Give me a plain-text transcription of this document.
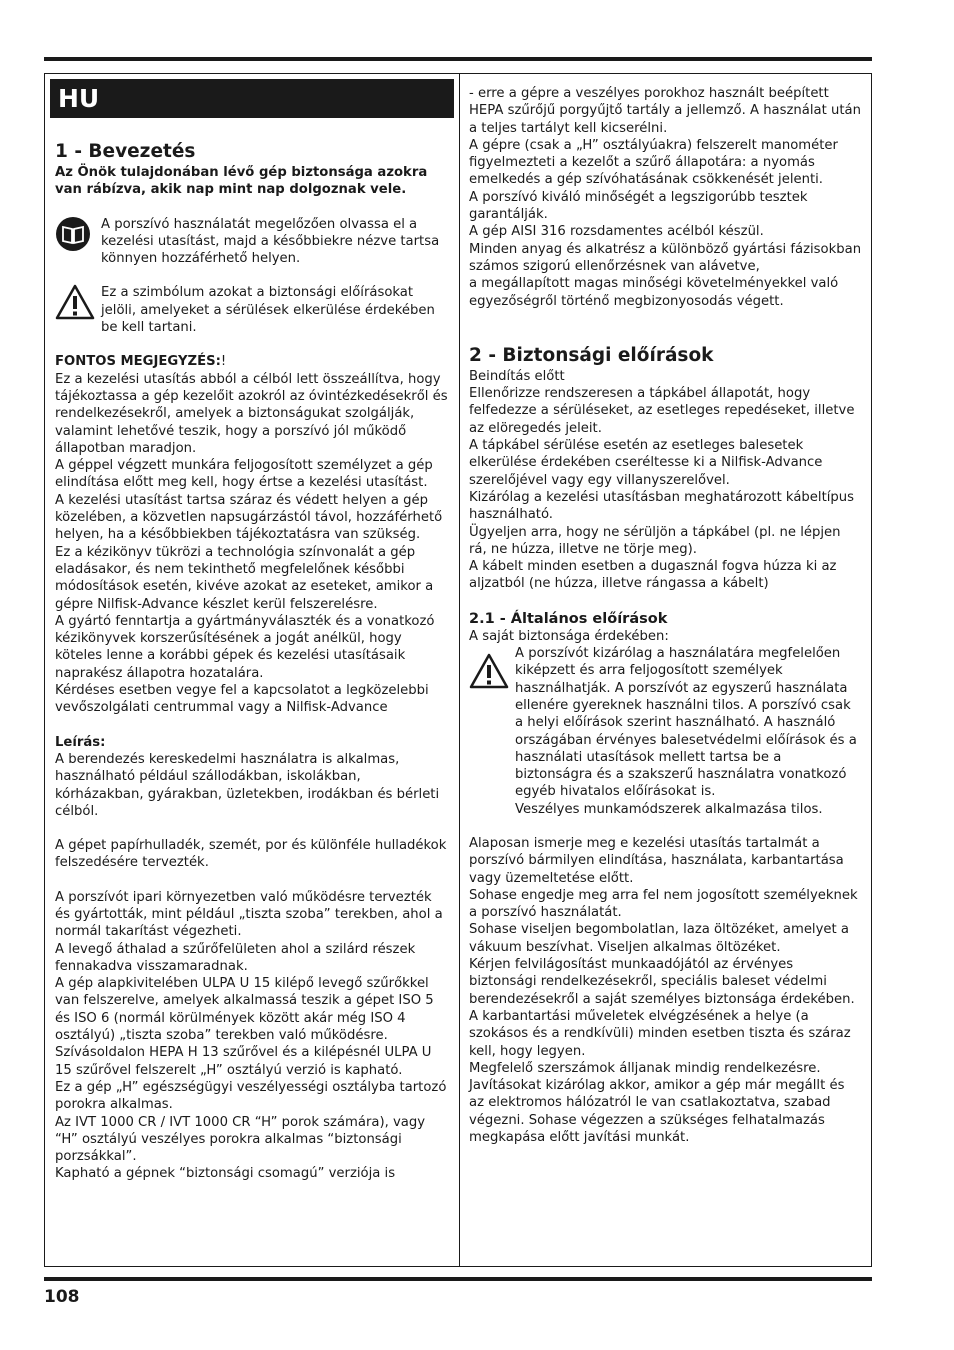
HU
1 - Bevezetés

Az Önök tulajdonában lévő gép biztonsága azokra van rábízva, akik nap mint nap dolgoznak vele.

A porszívó használatát megelőzően olvassa el a kezelési utasítást, majd a későbbiekre nézve tartsa könnyen hozzáférhető helyen.

Ez a szimbólum azokat a biztonsági előírásokat jelöli, amelyeket a sérülések elkerülése érdekében be kell tartani.

FONTOS MEGJEGYZÉS:!

Ez a kezelési utasítás abból a célból lett összeállítva, hogy tájékoztassa a gép kezelőit azokról az óvintézkedésekről és rendelkezésekről, amelyek a biztonságukat szolgálják, valamint lehetővé teszik, hogy a porszívó jól működő állapotban maradjon.

A géppel végzett munkára feljogosított személyzet a gép elindítása előtt meg kell, hogy értse a kezelési utasítást.

A kezelési utasítást tartsa száraz és védett helyen a gép közelében, a közvetlen napsugárzástól távol, hozzáférhető helyen, ha a későbbiekben tájékoztatásra van szükség.

Ez a kézikönyv tükrözi a technológia színvonalát a gép eladásakor, és nem tekinthető megfelelőnek későbbi módosítások esetén, kivéve azokat az eseteket, amikor a gépre Nilfisk-Advance készlet kerül felszerelésre.

A gyártó fenntartja a gyártmányválaszték és a vonatkozó kézikönyvek korszerűsítésének a jogát anélkül, hogy köteles lenne a korábbi gépek és kezelési utasításaik naprakész állapotra hozatalára.

Kérdéses esetben vegye fel a kapcsolatot a legközelebbi vevőszolgálati centrummal vagy a Nilfisk-Advance

Leírás:

A berendezés kereskedelmi használatra is alkalmas, használható például szállodákban, iskolákban, kórházakban, gyárakban, üzletekben, irodákban és bérleti célból.

A gépet papírhulladék, szemét, por és különféle hulladékok felszedésére tervezték.

A porszívót ipari környezetben való működésre tervezték és gyártották, mint például „tiszta szoba” terekben, ahol a normál takarítást végezheti.

A levegő áthalad a szűrőfelületen ahol a szilárd részek fennakadva visszamaradnak.

A gép alapkivitelében ULPA U 15 kilépő levegő szűrőkkel van felszerelve, amelyek alkalmassá teszik a gépet ISO 5 és ISO 6 (normál körülmények között akár még ISO 4 osztályú) „tiszta szoba” terekben való működésre.

Szívásoldalon HEPA H 13 szűrővel és a kilépésnél ULPA U 15 szűrővel felszerelt „H” osztályú verzió is kapható.

Ez a gép „H” egészségügyi veszélyességi osztályba tartozó porokra alkalmas.

Az IVT 1000 CR / IVT 1000 CR “H” porok számára), vagy “H” osztályú veszélyes porokra alkalmas “biztonsági porzsákkal”.

Kapható a gépnek “biztonsági csomagú” verziója is

- erre a gépre a veszélyes porokhoz használt beépített HEPA szűrőjű porgyűjtő tartály a jellemző. A használat után a teljes tartályt kell kicserélni.

A gépre (csak a „H” osztályúakra) felszerelt manométer figyelmezteti a kezelőt a szűrő állapotára: a nyomás emelkedés a gép szívóhatásának csökkenését jelenti.

A porszívó kiváló minőségét a legszigorúbb tesztek garantálják.

A gép AISI 316 rozsdamentes acélból készül.

Minden anyag és alkatrész a különböző gyártási fázisokban számos szigorú ellenőrzésnek van alávetve,

a megállapított magas minőségi követelményekkel való egyezőségről történő megbizonyosodás végett.

2 - Biztonsági előírások

Beindítás előtt

Ellenőrizze rendszeresen a tápkábel állapotát, hogy felfedezze a sérüléseket, az esetleges repedéseket, illetve az elöregedés jeleit.

A tápkábel sérülése esetén az esetleges balesetek elkerülése érdekében cseréltesse ki a Nilfisk-Advance szerelőjével vagy egy villanyszerelővel.

Kizárólag a kezelési utasításban meghatározott kábeltípus használható.

Ügyeljen arra, hogy ne sérüljön a tápkábel (pl. ne lépjen rá, ne húzza, illetve ne törje meg).

A kábelt minden esetben a dugasznál fogva húzza ki az aljzatból (ne húzza, illetve rángassa a kábelt)

2.1 - Általános előírások

A saját biztonsága érdekében:

A porszívót kizárólag a használatára megfelelően kiképzett és arra feljogosított személyek használhatják. A porszívót az egyszerű használata ellenére gyereknek használni tilos. A porszívó csak a helyi előírások szerint használható. A használó országában érvényes balesetvédelmi előírások és a használati utasítások mellett tartsa be a biztonságra és a szakszerű használatra vonatkozó egyéb hivatalos előírásokat is.

Veszélyes munkamódszerek alkalmazása tilos.

Alaposan ismerje meg e kezelési utasítás tartalmát a porszívó bármilyen elindítása, használata, karbantartása vagy üzemeltetése előtt.

Sohase engedje meg arra fel nem jogosított személyeknek a porszívó használatát.

Sohase viseljen begombolatlan, laza öltözéket, amelyet a vákuum beszívhat. Viseljen alkalmas öltözéket.

Kérjen felvilágosítást munkaadójától az érvényes biztonsági rendelkezésekről, speciális baleset védelmi berendezésekről a saját személyes biztonsága érdekében.

A karbantartási műveletek elvégzésének a helye (a szokásos és a rendkívüli) minden esetben tiszta és száraz kell, hogy legyen.

Megfelelő szerszámok álljanak mindig rendelkezésre.

Javításokat kizárólag akkor, amikor a gép már megállt és az elektromos hálózatról le van csatlakoztatva, szabad végezni. Sohase végezzen a szükséges felhatalmazás megkapása előtt javítási munkát.

108
